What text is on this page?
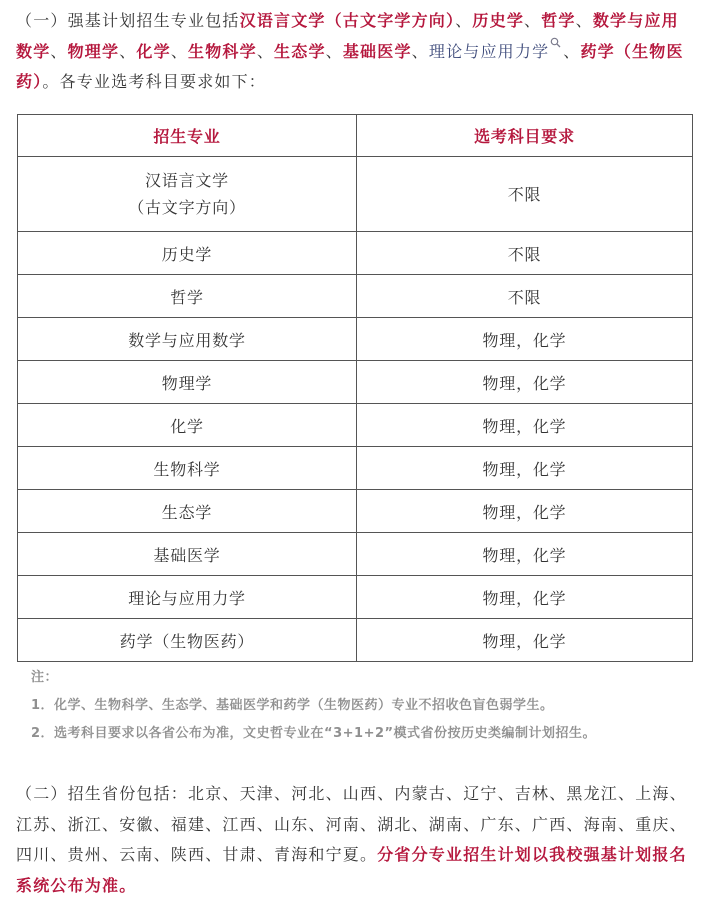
（一）强基计划招生专业包括汉语言文学（古文字学方向）、历史学、哲学、数学与应用数学、物理学、化学、生物科学、生态学、基础医学、理论与应用力学 、药学（生物医药）。各专业选考科目要求如下：

招生专业	选考科目要求

汉语言文学
（古文字方向）	不限
历史学	不限
哲学	不限
数学与应用数学	物理，化学
物理学	物理，化学
化学	物理，化学
生物科学	物理，化学
生态学	物理，化学
基础医学	物理，化学
理论与应用力学	物理，化学
药学（生物医药）	物理，化学

注：

1．化学、生物科学、生态学、基础医学和药学（生物医药）专业不招收色盲色弱学生。

2．选考科目要求以各省公布为准，文史哲专业在“3+1+2”模式省份按历史类编制计划招生。

（二）招生省份包括：北京、天津、河北、山西、内蒙古、辽宁、吉林、黑龙江、上海、江苏、浙江、安徽、福建、江西、山东、河南、湖北、湖南、广东、广西、海南、重庆、四川、贵州、云南、陕西、甘肃、青海和宁夏。分省分专业招生计划以我校强基计划报名系统公布为准。
